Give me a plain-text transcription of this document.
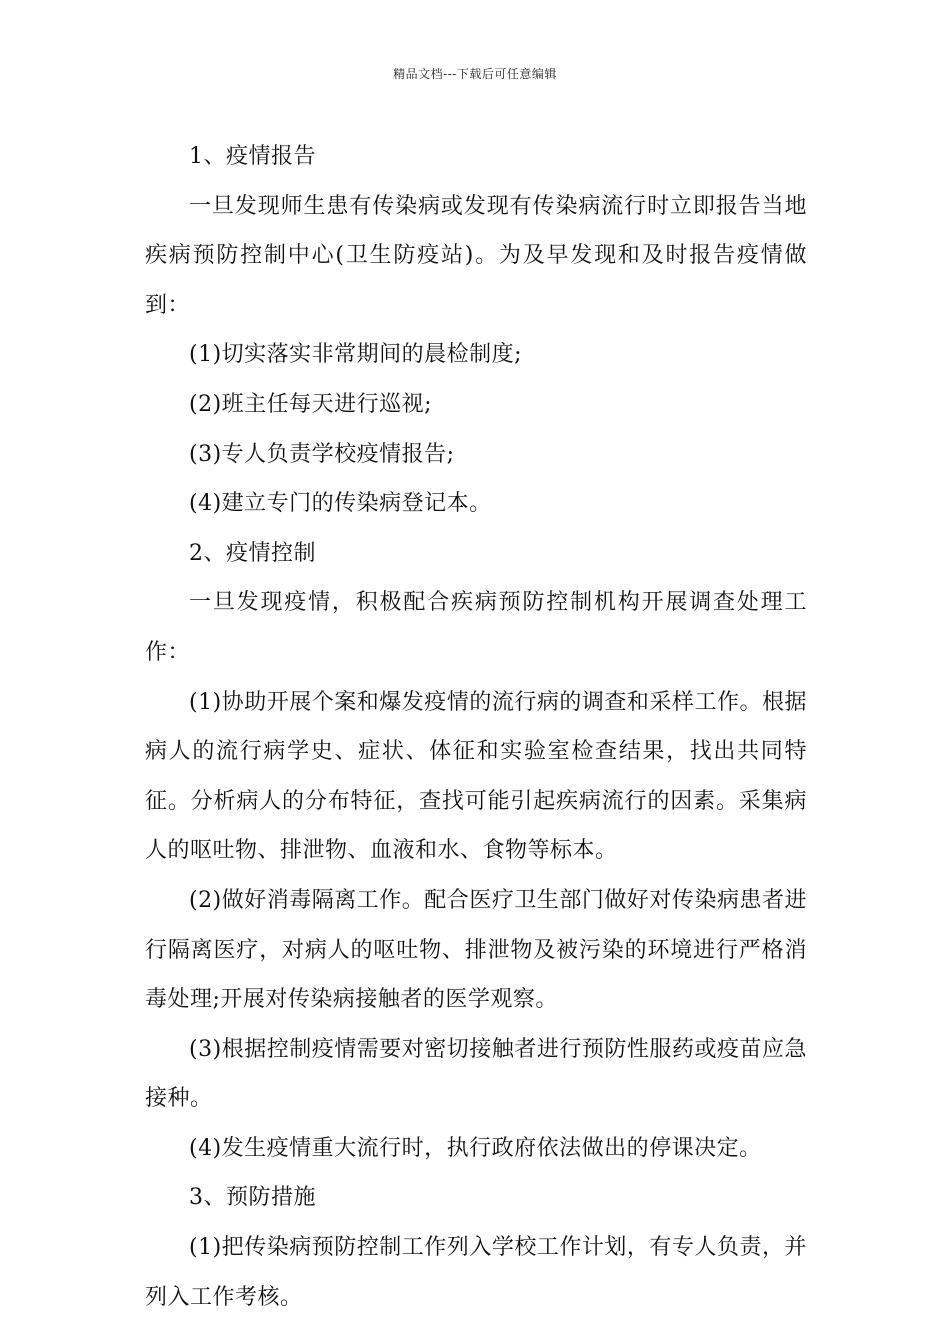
精品文档---下载后可任意编辑

1、疫情报告

一旦发现师生患有传染病或发现有传染病流行时立即报告当地疾病预防控制中心(卫生防疫站)。为及早发现和及时报告疫情做到：

(1)切实落实非常期间的晨检制度;

(2)班主任每天进行巡视;

(3)专人负责学校疫情报告;

(4)建立专门的传染病登记本。

2、疫情控制

一旦发现疫情，积极配合疾病预防控制机构开展调查处理工作：

(1)协助开展个案和爆发疫情的流行病的调查和采样工作。根据病人的流行病学史、症状、体征和实验室检查结果，找出共同特征。分析病人的分布特征，查找可能引起疾病流行的因素。采集病人的呕吐物、排泄物、血液和水、食物等标本。

(2)做好消毒隔离工作。配合医疗卫生部门做好对传染病患者进行隔离医疗，对病人的呕吐物、排泄物及被污染的环境进行严格消毒处理;开展对传染病接触者的医学观察。

(3)根据控制疫情需要对密切接触者进行预防性服药或疫苗应急接种。

(4)发生疫情重大流行时，执行政府依法做出的停课决定。

3、预防措施

(1)把传染病预防控制工作列入学校工作计划，有专人负责，并列入工作考核。
